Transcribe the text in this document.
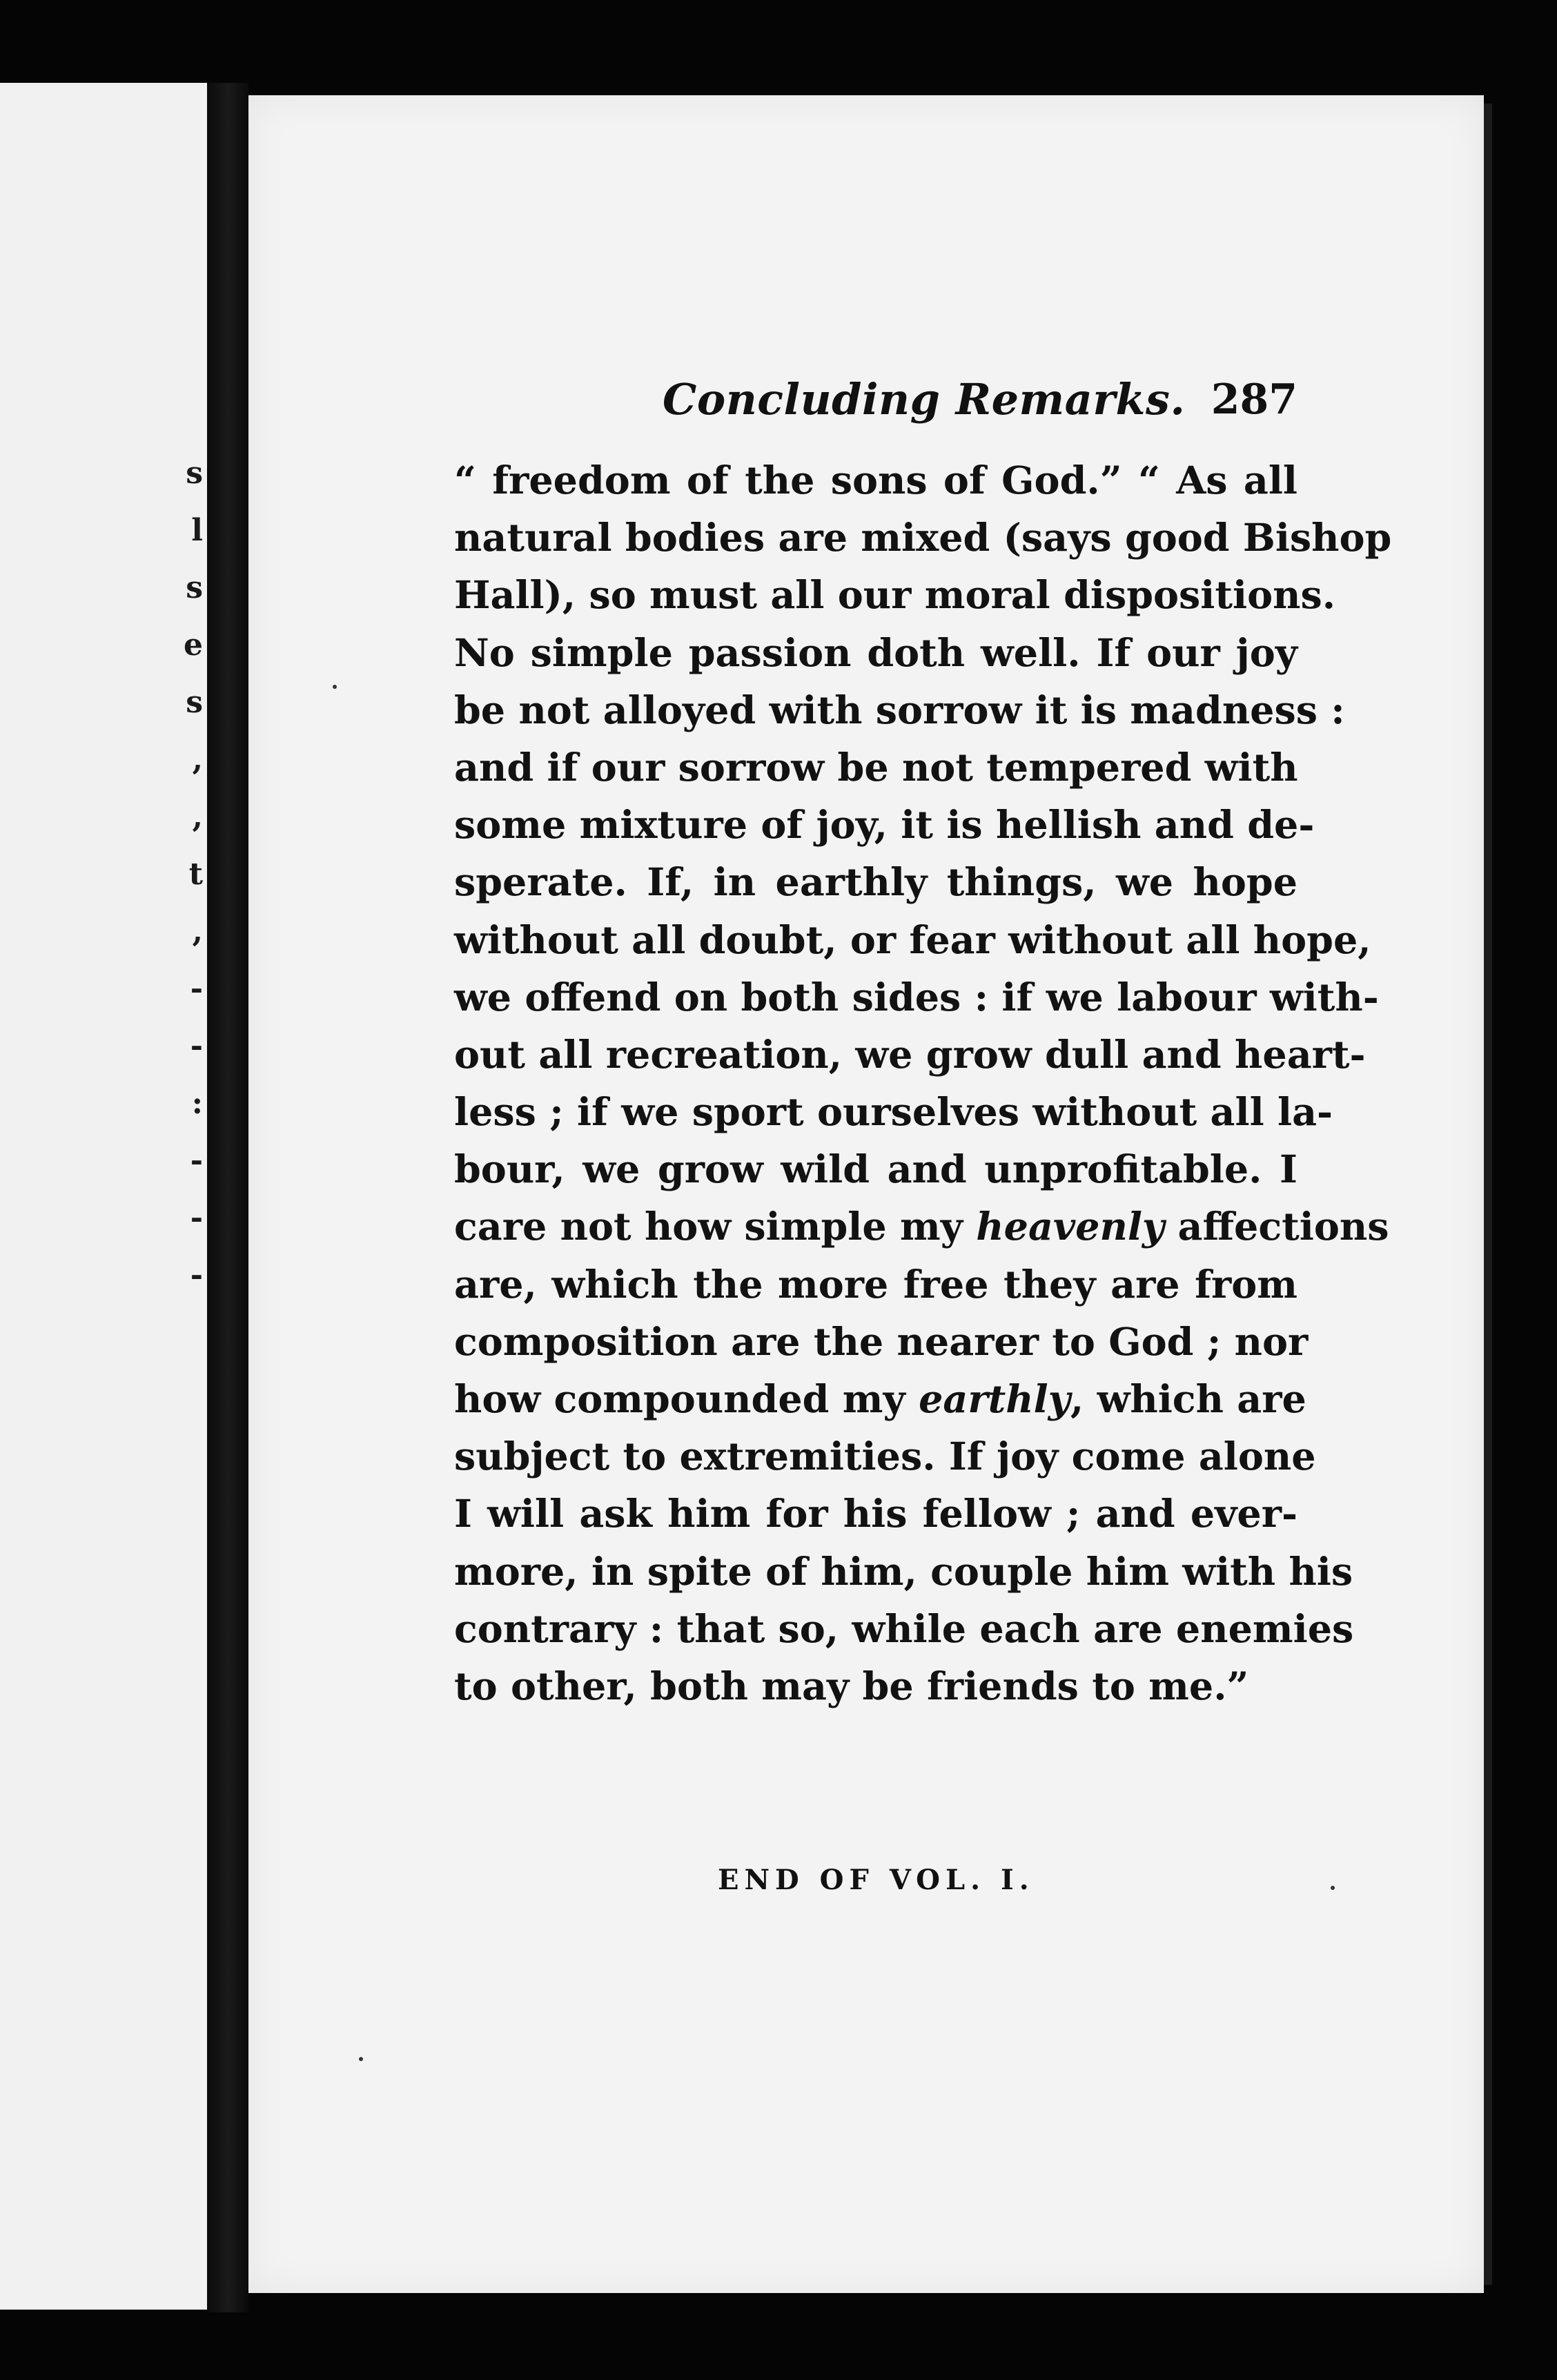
s
l
s
e
s
,
,
t
,
-
-
:
-
-
-
Concluding Remarks. 287
“ freedom of the sons of God.” “ As all
natural bodies are mixed (says good Bishop
Hall), so must all our moral dispositions.
No simple passion doth well. If our joy
be not alloyed with sorrow it is madness :
and if our sorrow be not tempered with
some mixture of joy, it is hellish and de-
sperate. If, in earthly things, we hope
without all doubt, or fear without all hope,
we offend on both sides : if we labour with-
out all recreation, we grow dull and heart-
less ; if we sport ourselves without all la-
bour, we grow wild and unprofitable. I
care not how simple my heavenly affections
are, which the more free they are from
composition are the nearer to God ; nor
how compounded my earthly, which are
subject to extremities. If joy come alone
I will ask him for his fellow ; and ever-
more, in spite of him, couple him with his
contrary : that so, while each are enemies
to other, both may be friends to me.”
END OF VOL. I.
